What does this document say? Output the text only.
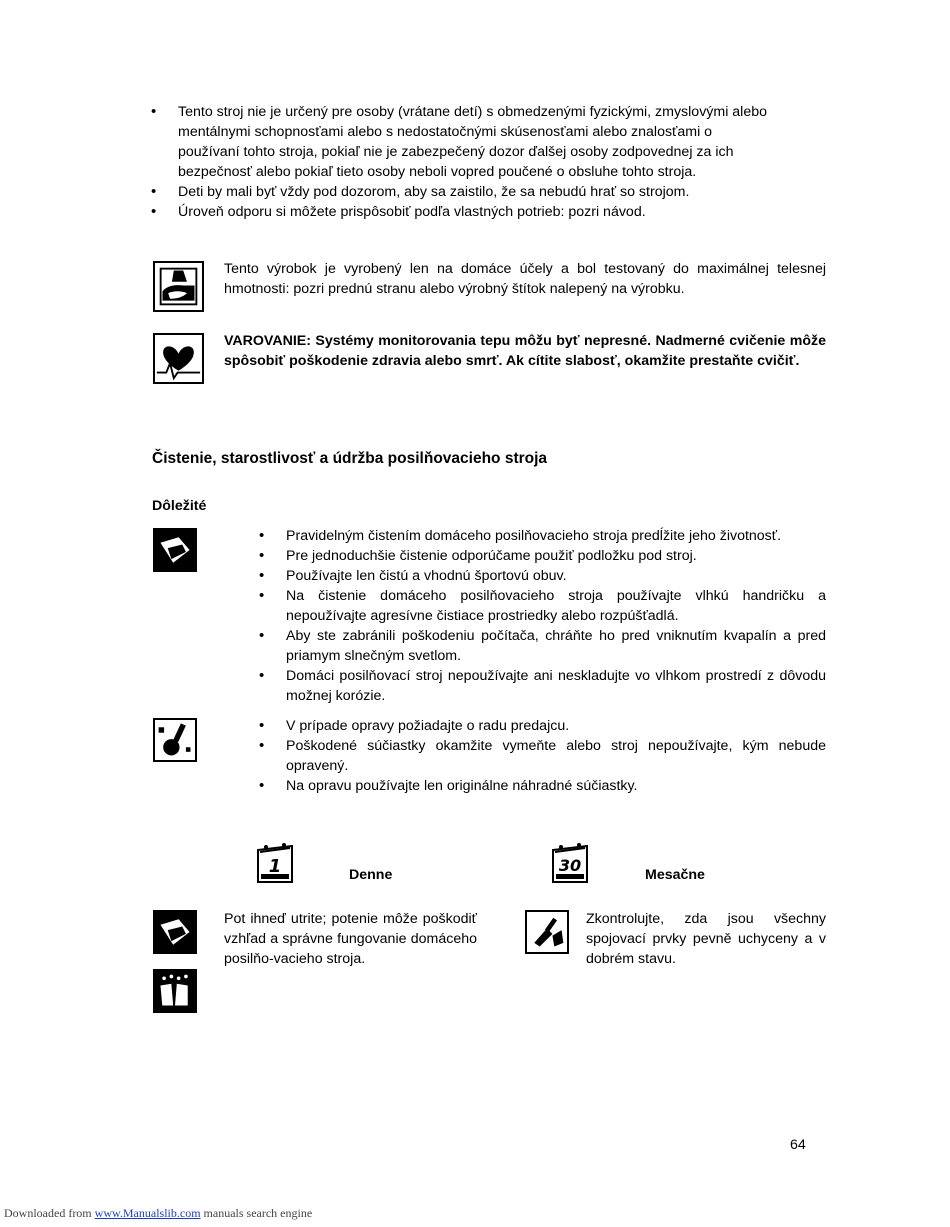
• Tento stroj nie je určený pre osoby (vrátane detí) s obmedzenými fyzickými, zmyslovými alebo mentálnymi schopnosťami alebo s nedostatočnými skúsenosťami alebo znalosťami o používaní tohto stroja, pokiaľ nie je zabezpečený dozor ďalšej osoby zodpovednej za ich bezpečnosť alebo pokiaľ tieto osoby neboli vopred poučené o obsluhe tohto stroja.
• Deti by mali byť vždy pod dozorom, aby sa zaistilo, že sa nebudú hrať so strojom.
• Úroveň odporu si môžete prispôsobiť podľa vlastných potrieb: pozri návod.
Tento výrobok je vyrobený len na domáce účely a bol testovaný do maximálnej telesnej hmotnosti: pozri prednú stranu alebo výrobný štítok nalepený na výrobku.
VAROVANIE: Systémy monitorovania tepu môžu byť nepresné. Nadmerné cvičenie môže spôsobiť poškodenie zdravia alebo smrť. Ak cítite slabosť, okamžite prestaňte cvičiť.
Čistenie, starostlivosť a údržba posilňovacieho stroja
Dôležité
• Pravidelným čistením domáceho posilňovacieho stroja predĺžite jeho životnosť.
• Pre jednoduchšie čistenie odporúčame použiť podložku pod stroj.
• Používajte len čistú a vhodnú športovú obuv.
• Na čistenie domáceho posilňovacieho stroja používajte vlhkú handričku a nepoužívajte agresívne čistiace prostriedky alebo rozpúšťadlá.
• Aby ste zabránili poškodeniu počítača, chráňte ho pred vniknutím kvapalín a pred priamym slnečným svetlom.
• Domáci posilňovací stroj nepoužívajte ani neskladujte vo vlhkom prostredí z dôvodu možnej korózie.
• V prípade opravy požiadajte o radu predajcu.
• Poškodené súčiastky okamžite vymeňte alebo stroj nepoužívajte, kým nebude opravený.
• Na opravu používajte len originálne náhradné súčiastky.
1	Denne
Pot ihneď utrite; potenie môže poškodiť vzhľad a správne fungovanie domáceho posilňo-vacieho stroja.
30	Mesačne
Zkontrolujte, zda jsou všechny spojovací prvky pevně uchyceny a v dobrém stavu.
64
Downloaded from www.Manualslib.com manuals search engine
